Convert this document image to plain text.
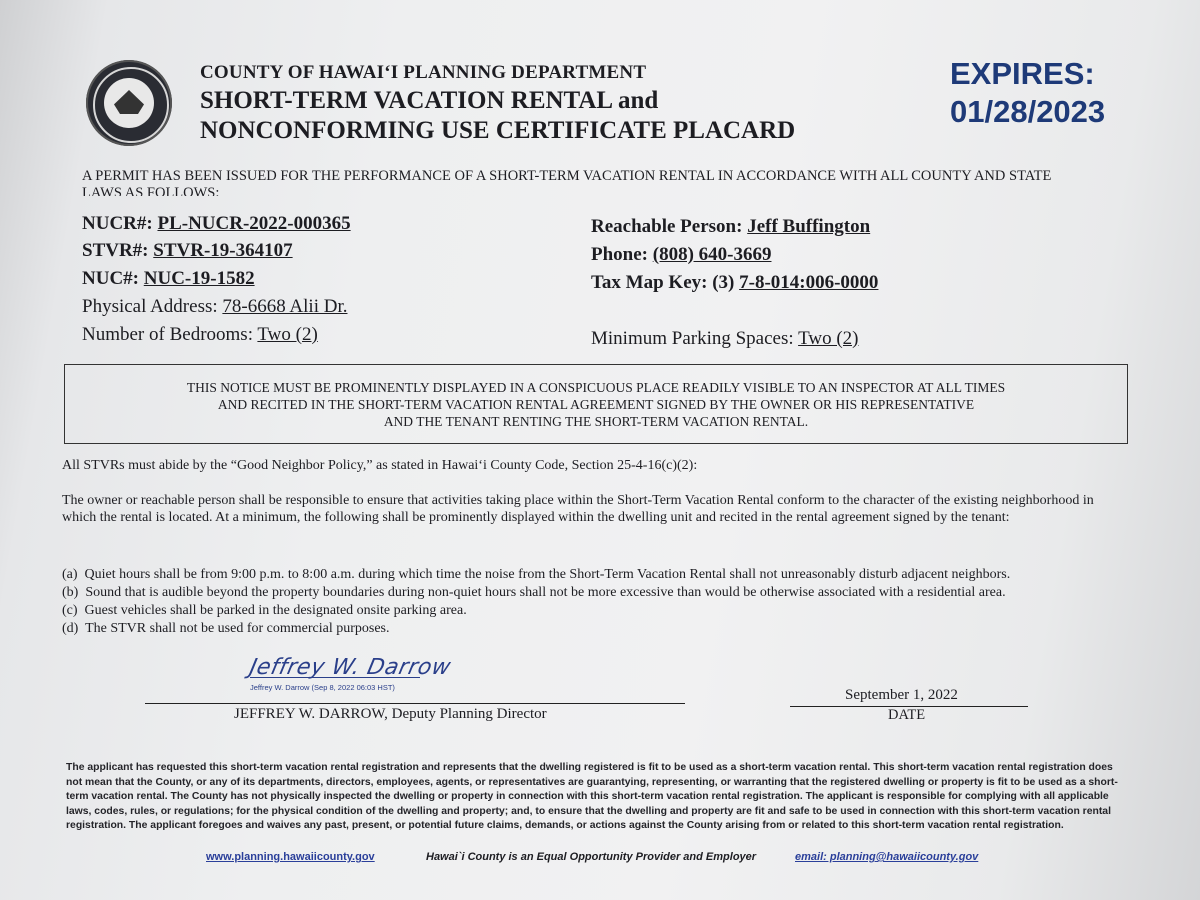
COUNTY OF HAWAI‘I PLANNING DEPARTMENT
SHORT-TERM VACATION RENTAL and
NONCONFORMING USE CERTIFICATE PLACARD
EXPIRES:
01/28/2023
A PERMIT HAS BEEN ISSUED FOR THE PERFORMANCE OF A SHORT-TERM VACATION RENTAL IN ACCORDANCE WITH ALL COUNTY AND STATE LAWS AS FOLLOWS:
NUCR#: PL-NUCR-2022-000365
STVR#: STVR-19-364107
NUC#: NUC-19-1582
Physical Address: 78-6668 Alii Dr.
Number of Bedrooms: Two (2)
Reachable Person: Jeff Buffington
Phone: (808) 640-3669
Tax Map Key: (3) 7-8-014:006-0000
Minimum Parking Spaces: Two (2)
THIS NOTICE MUST BE PROMINENTLY DISPLAYED IN A CONSPICUOUS PLACE READILY VISIBLE TO AN INSPECTOR AT ALL TIMES
AND RECITED IN THE SHORT-TERM VACATION RENTAL AGREEMENT SIGNED BY THE OWNER OR HIS REPRESENTATIVE
AND THE TENANT RENTING THE SHORT-TERM VACATION RENTAL.
All STVRs must abide by the “Good Neighbor Policy,” as stated in Hawai‘i County Code, Section 25-4-16(c)(2):
The owner or reachable person shall be responsible to ensure that activities taking place within the Short-Term Vacation Rental conform to the character of the existing neighborhood in which the rental is located. At a minimum, the following shall be prominently displayed within the dwelling unit and recited in the rental agreement signed by the tenant:
(a) Quiet hours shall be from 9:00 p.m. to 8:00 a.m. during which time the noise from the Short-Term Vacation Rental shall not unreasonably disturb adjacent neighbors.
(b) Sound that is audible beyond the property boundaries during non-quiet hours shall not be more excessive than would be otherwise associated with a residential area.
(c) Guest vehicles shall be parked in the designated onsite parking area.
(d) The STVR shall not be used for commercial purposes.
Jeffrey W. Darrow
Jeffrey W. Darrow (Sep 8, 2022 06:03 HST)
JEFFREY W. DARROW, Deputy Planning Director
September 1, 2022
DATE
The applicant has requested this short-term vacation rental registration and represents that the dwelling registered is fit to be used as a short-term vacation rental. This short-term vacation rental registration does not mean that the County, or any of its departments, directors, employees, agents, or representatives are guarantying, representing, or warranting that the registered dwelling or property is fit to be used as a short-term vacation rental. The County has not physically inspected the dwelling or property in connection with this short-term vacation rental registration. The applicant is responsible for complying with all applicable laws, codes, rules, or regulations; for the physical condition of the dwelling and property; and, to ensure that the dwelling and property are fit and safe to be used in connection with this short-term vacation rental registration. The applicant foregoes and waives any past, present, or potential future claims, demands, or actions against the County arising from or related to this short-term vacation rental registration.
www.planning.hawaiicounty.gov	Hawai`i County is an Equal Opportunity Provider and Employer	email: planning@hawaiicounty.gov
